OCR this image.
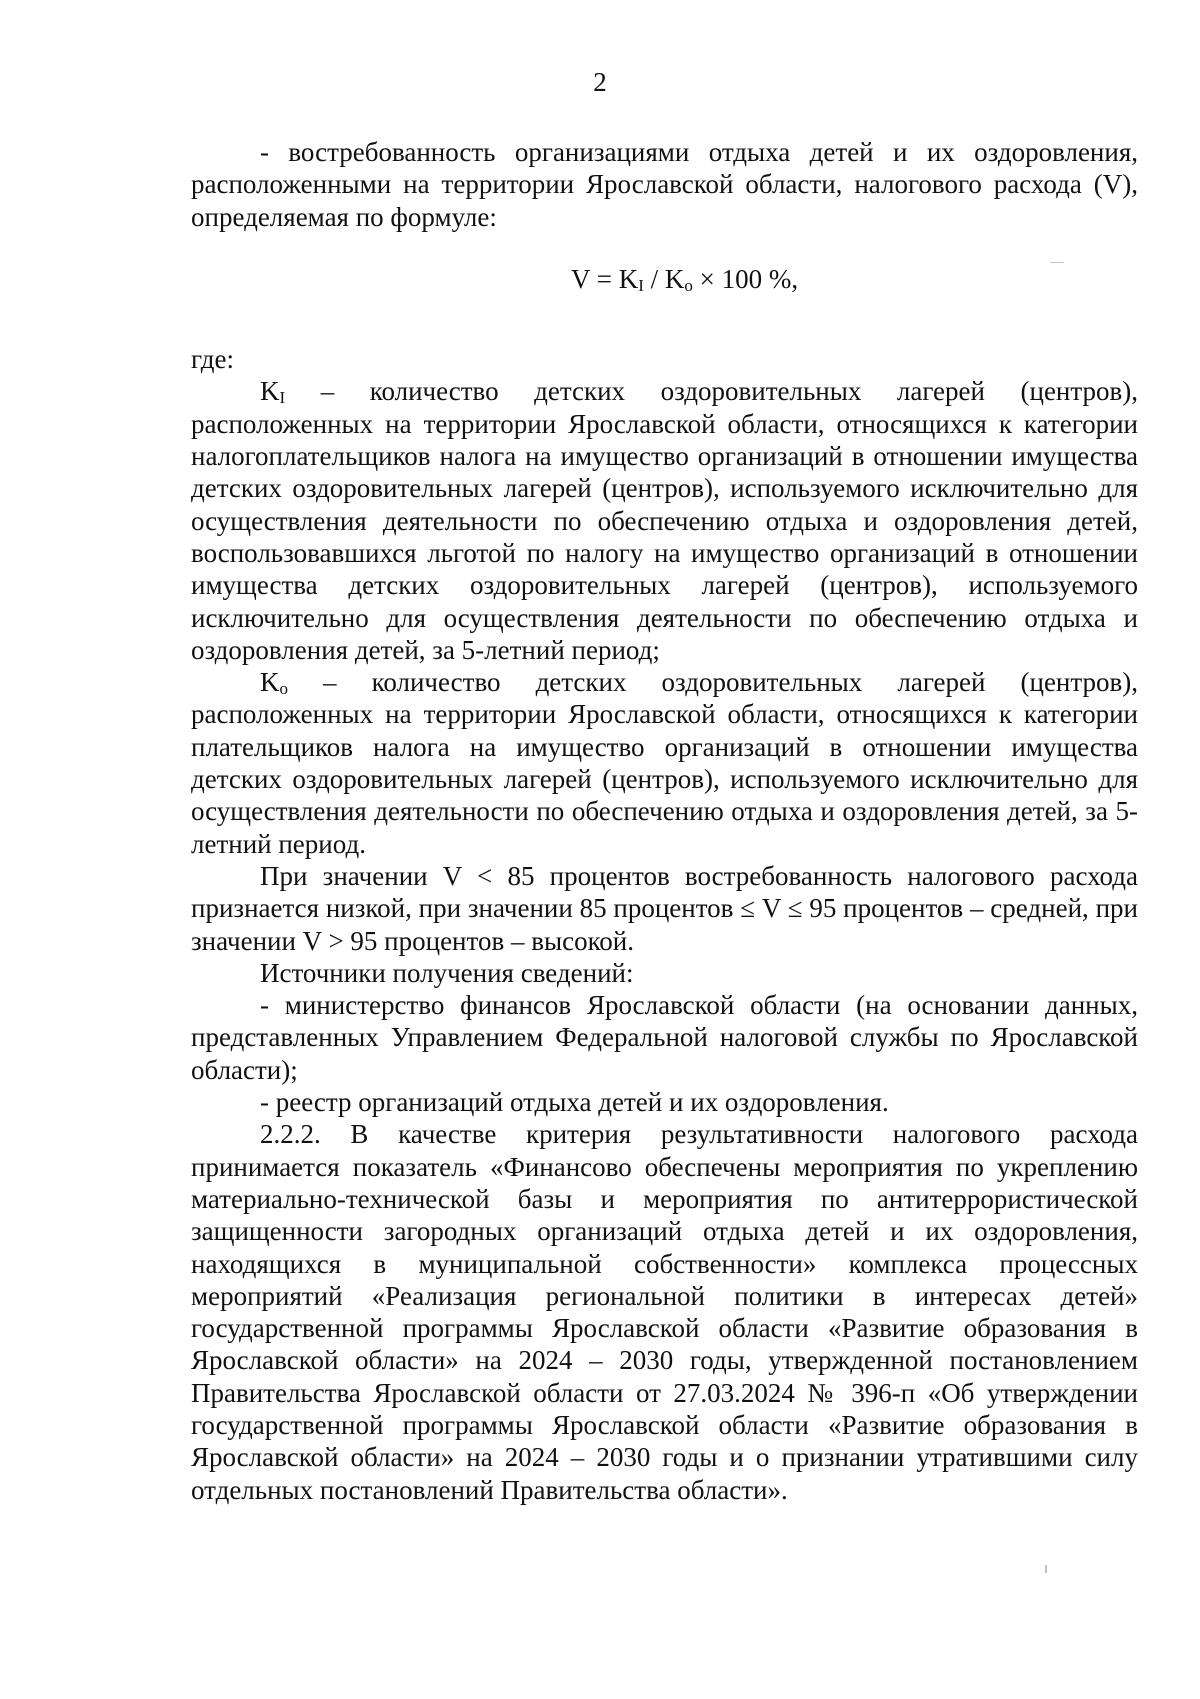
2

- востребованность организациями отдыха детей и их оздоровления, расположенными на территории Ярославской области, налогового расхода (V), определяемая по формуле:

$V = K_I / K_о \times 100$ %,

где:

$K_I$ – количество детских оздоровительных лагерей (центров), расположенных на территории Ярославской области, относящихся к категории налогоплательщиков налога на имущество организаций в отношении имущества детских оздоровительных лагерей (центров), используемого исключительно для осуществления деятельности по обеспечению отдыха и оздоровления детей, воспользовавшихся льготой по налогу на имущество организаций в отношении имущества детских оздоровительных лагерей (центров), используемого исключительно для осуществления деятельности по обеспечению отдыха и оздоровления детей, за 5-летний период;

$K_о$ – количество детских оздоровительных лагерей (центров), расположенных на территории Ярославской области, относящихся к категории плательщиков налога на имущество организаций в отношении имущества детских оздоровительных лагерей (центров), используемого исключительно для осуществления деятельности по обеспечению отдыха и оздоровления детей, за 5-летний период.

При значении V < 85 процентов востребованность налогового расхода признается низкой, при значении 85 процентов ≤ V ≤ 95 процентов – средней, при значении V > 95 процентов – высокой.

Источники получения сведений:

- министерство финансов Ярославской области (на основании данных, представленных Управлением Федеральной налоговой службы по Ярославской области);

- реестр организаций отдыха детей и их оздоровления.

2.2.2. В качестве критерия результативности налогового расхода принимается показатель «Финансово обеспечены мероприятия по укреплению материально-технической базы и мероприятия по антитеррористической защищенности загородных организаций отдыха детей и их оздоровления, находящихся в муниципальной собственности» комплекса процессных мероприятий «Реализация региональной политики в интересах детей» государственной программы Ярославской области «Развитие образования в Ярославской области» на 2024 – 2030 годы, утвержденной постановлением Правительства Ярославской области от 27.03.2024 № 396-п «Об утверждении государственной программы Ярославской области «Развитие образования в Ярославской области» на 2024 – 2030 годы и о признании утратившими силу отдельных постановлений Правительства области».
